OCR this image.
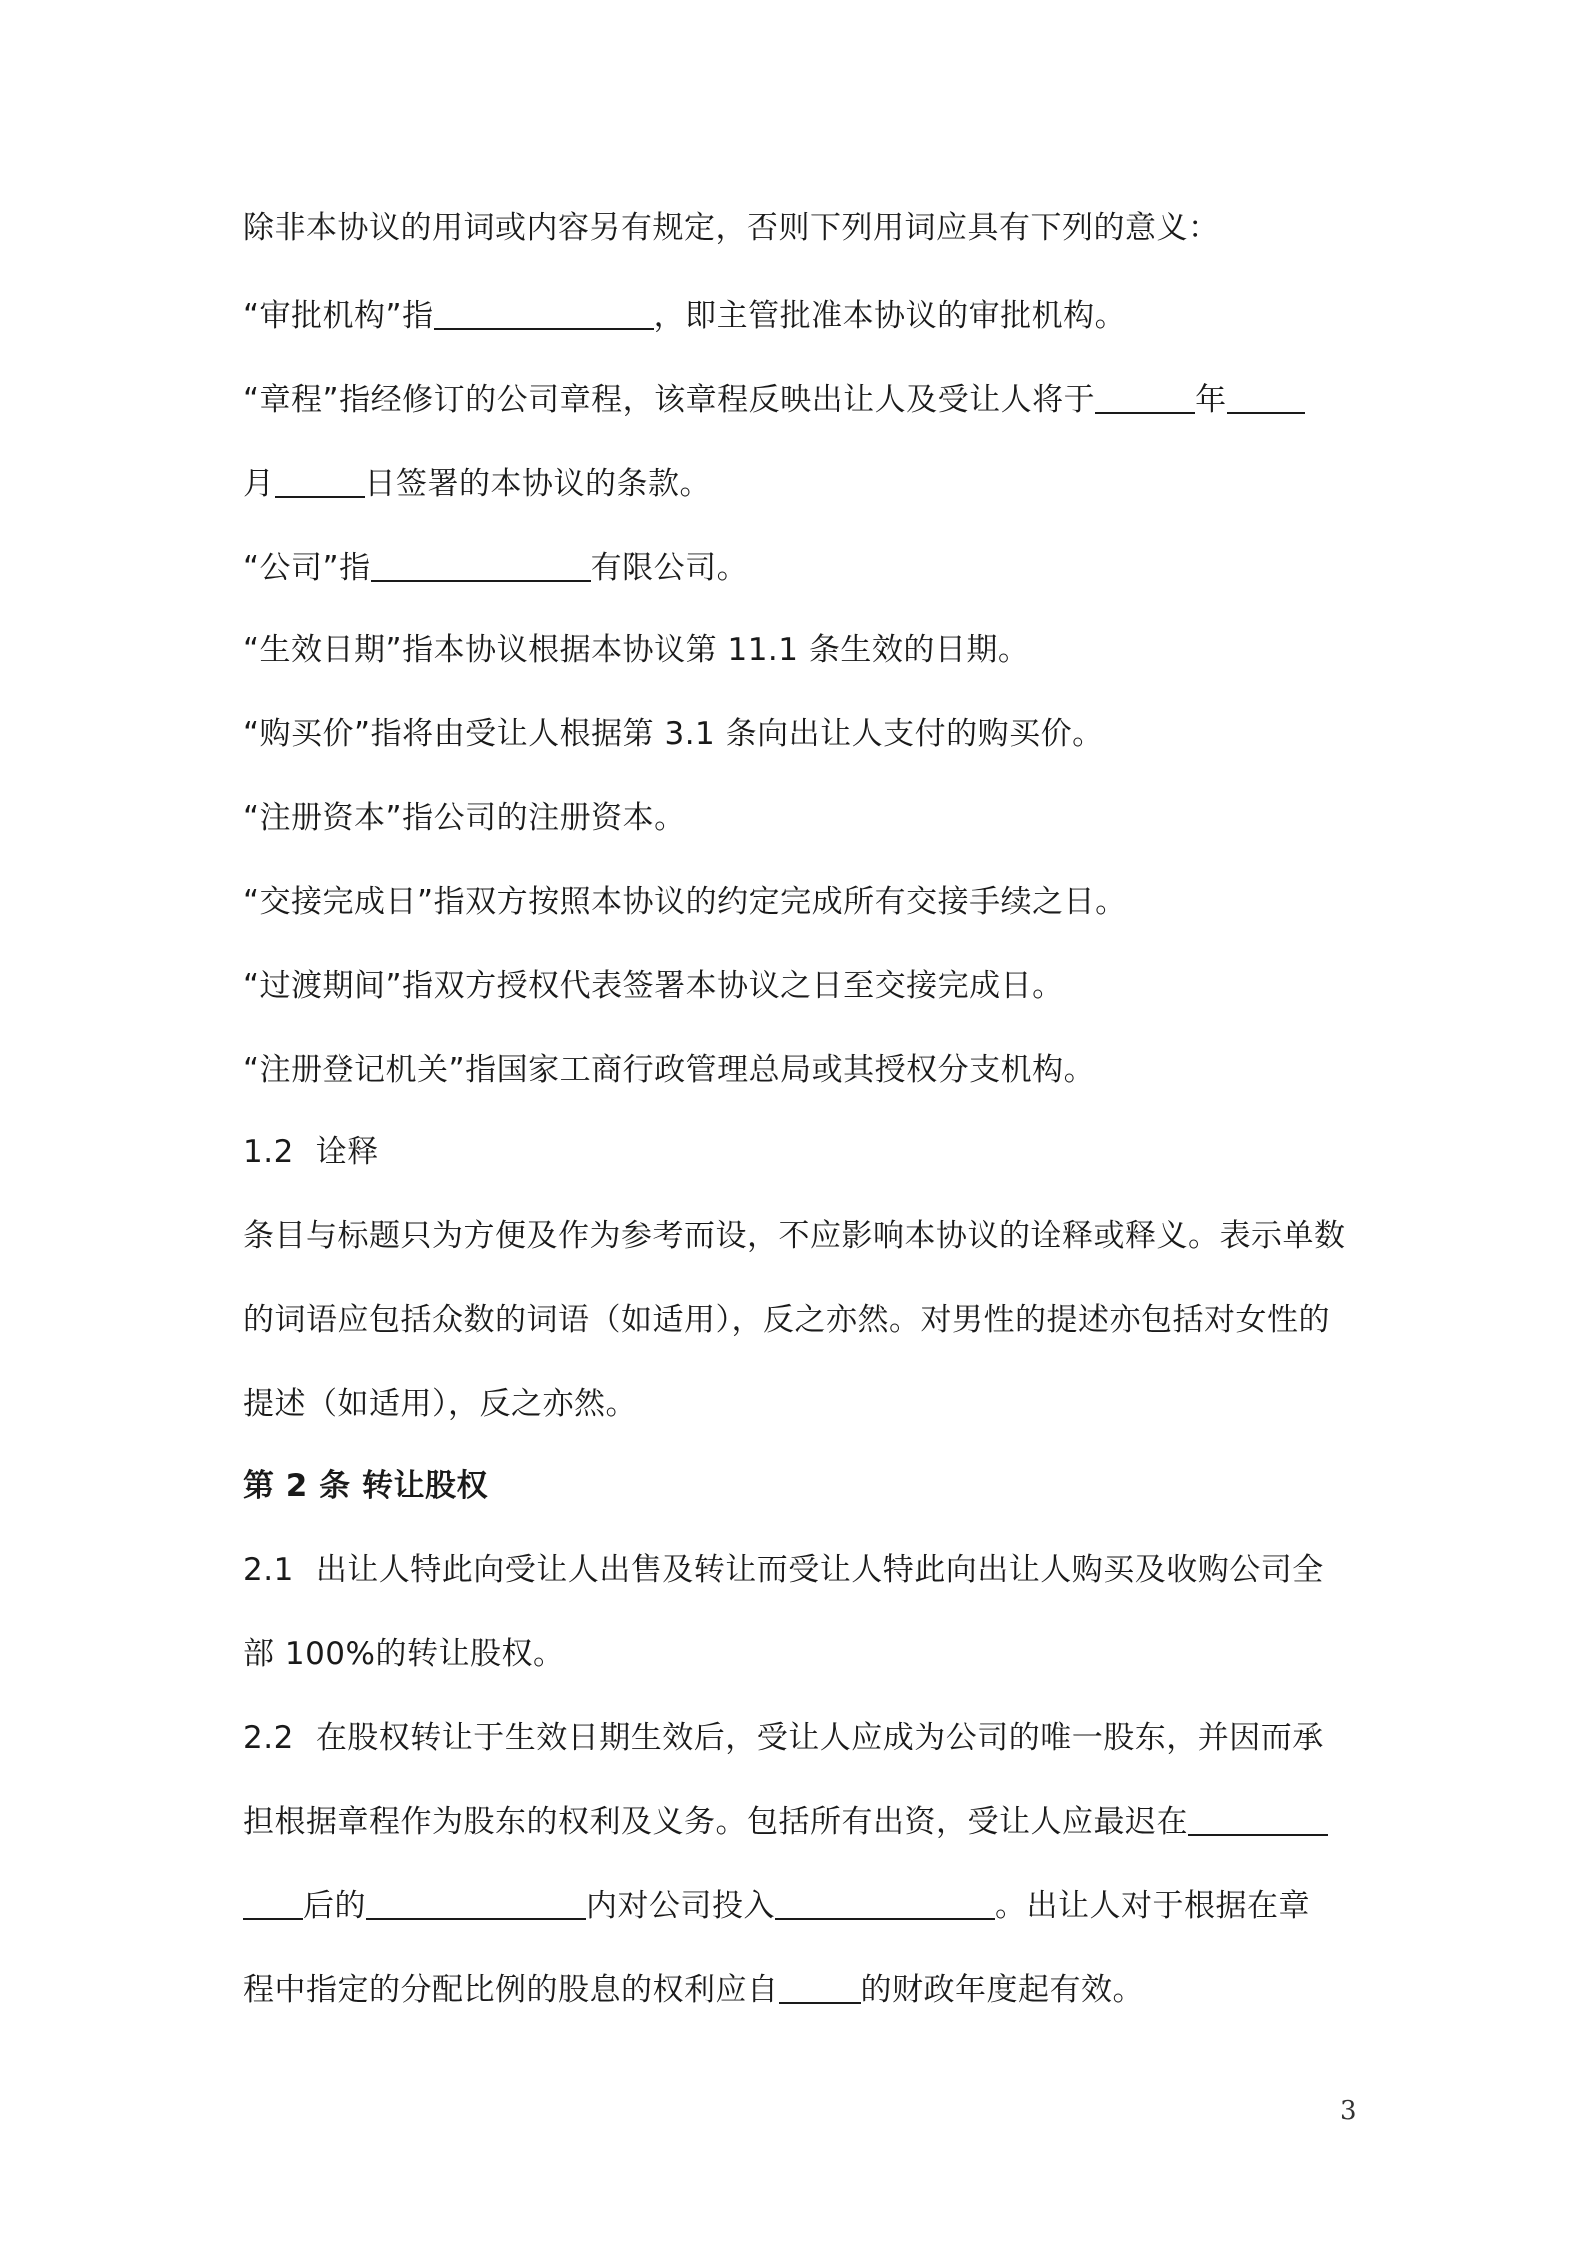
除非本协议的用词或内容另有规定，否则下列用词应具有下列的意义：
“审批机构”指	，即主管批准本协议的审批机构。
“章程”指经修订的公司章程，该章程反映出让人及受让人将于	年
月	日签署的本协议的条款。
“公司”指	有限公司。
“生效日期”指本协议根据本协议第 11.1 条生效的日期。
“购买价”指将由受让人根据第 3.1 条向出让人支付的购买价。
“注册资本”指公司的注册资本。
“交接完成日”指双方按照本协议的约定完成所有交接手续之日。
“过渡期间”指双方授权代表签署本协议之日至交接完成日。
“注册登记机关”指国家工商行政管理总局或其授权分支机构。
1.2 诠释
条目与标题只为方便及作为参考而设，不应影响本协议的诠释或释义。表示单数
的词语应包括众数的词语（如适用），反之亦然。对男性的提述亦包括对女性的
提述（如适用），反之亦然。
第 2 条 转让股权
2.1 出让人特此向受让人出售及转让而受让人特此向出让人购买及收购公司全
部 100%的转让股权。
2.2 在股权转让于生效日期生效后，受让人应成为公司的唯一股东，并因而承
担根据章程作为股东的权利及义务。包括所有出资，受让人应最迟在
后的	内对公司投入	。出让人对于根据在章
程中指定的分配比例的股息的权利应自	的财政年度起有效。
3
